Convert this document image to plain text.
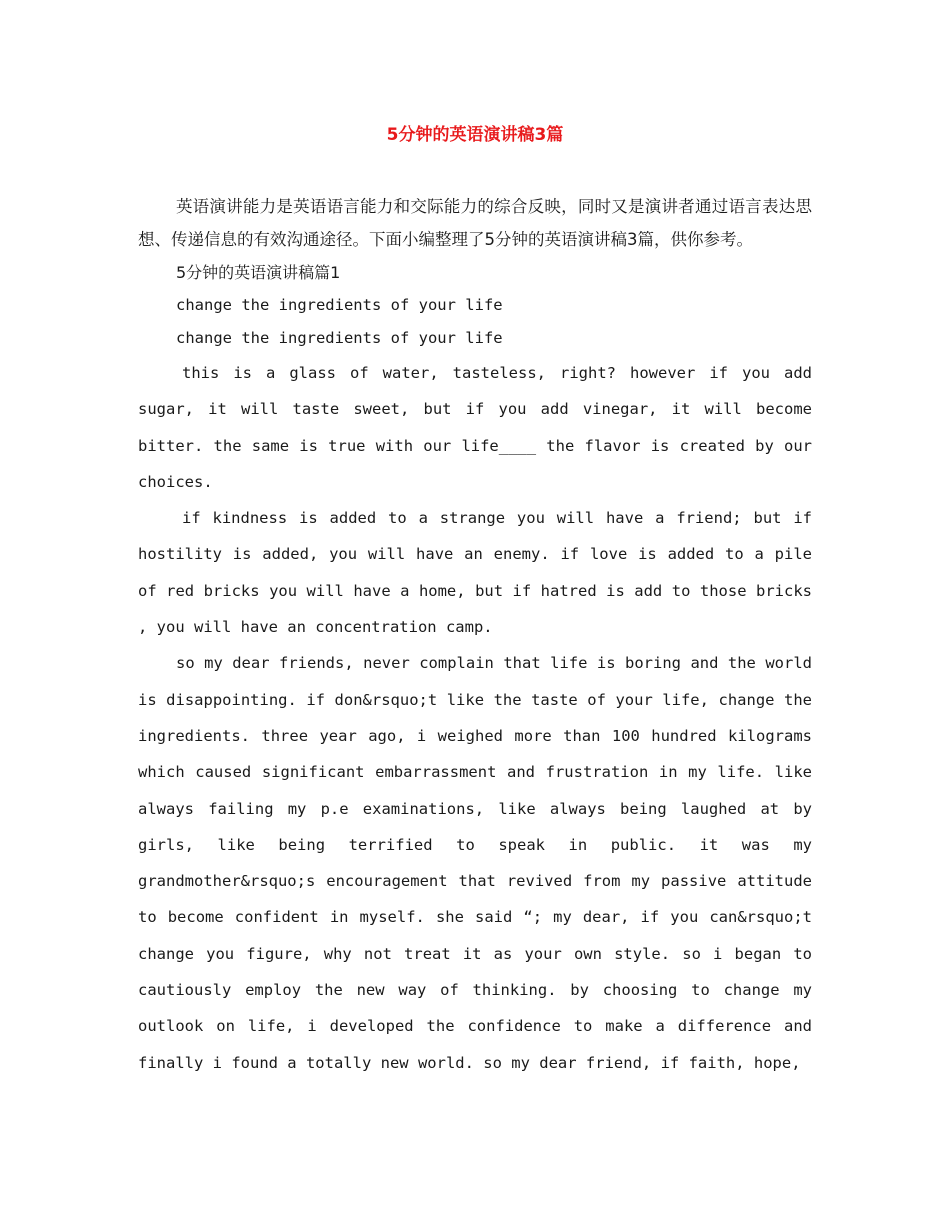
5分钟的英语演讲稿3篇

英语演讲能力是英语语言能力和交际能力的综合反映，同时又是演讲者通过语言表达思想、传递信息的有效沟通途径。下面小编整理了5分钟的英语演讲稿3篇，供你参考。

5分钟的英语演讲稿篇1

change the ingredients of your life

change the ingredients of your life

this is a glass of water, tasteless, right? however if you add sugar, it will taste sweet, but if you add vinegar, it will become bitter. the same is true with our life____ the flavor is created by our choices.

if kindness is added to a strange you will have a friend; but if hostility is added, you will have an enemy. if love is added to a pile of red bricks you will have a home, but if hatred is add to those bricks , you will have an concentration camp.

so my dear friends, never complain that life is boring and the world is disappointing. if don&rsquo;t like the taste of your life, change the ingredients. three year ago, i weighed more than 100 hundred kilograms which caused significant embarrassment and frustration in my life. like always failing my p.e examinations, like always being laughed at by girls, like being terrified to speak in public. it was my grandmother&rsquo;s encouragement that revived from my passive attitude to become confident in myself. she said “; my dear, if you can&rsquo;t change you figure, why not treat it as your own style. so i began to cautiously employ the new way of thinking. by choosing to change my outlook on life, i developed the confidence to make a difference and finally i found a totally new world. so my dear friend, if faith, hope,
